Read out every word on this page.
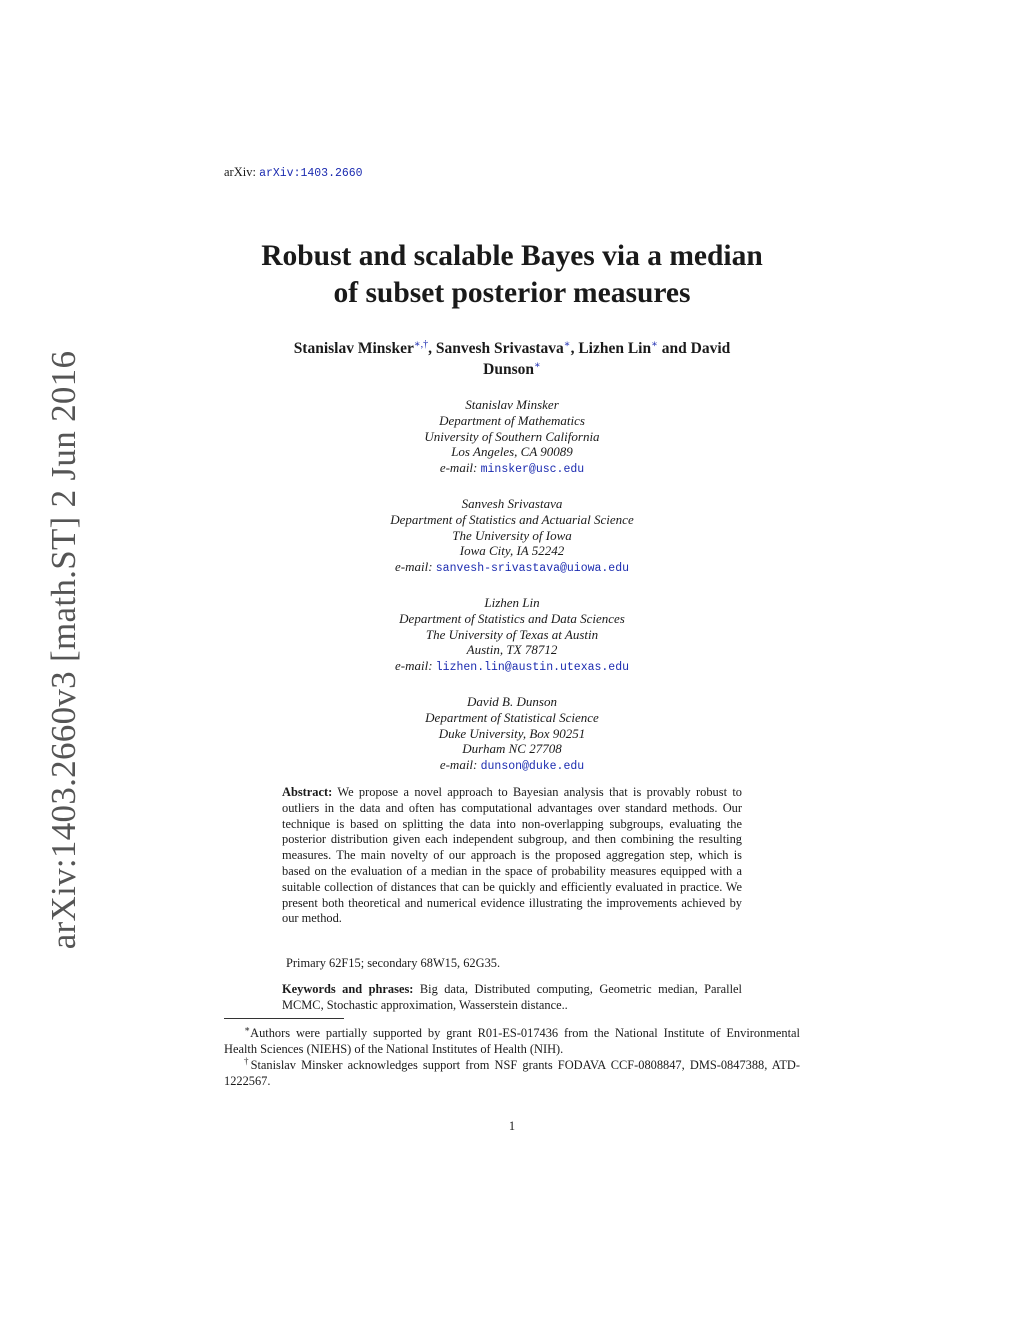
arXiv: arXiv:1403.2660
arXiv:1403.2660v3 [math.ST] 2 Jun 2016
Robust and scalable Bayes via a median
of subset posterior measures
Stanislav Minsker∗,†, Sanvesh Srivastava∗, Lizhen Lin∗ and David
Dunson∗
Stanislav Minsker
Department of Mathematics
University of Southern California
Los Angeles, CA 90089
e-mail: minsker@usc.edu
Sanvesh Srivastava
Department of Statistics and Actuarial Science
The University of Iowa
Iowa City, IA 52242
e-mail: sanvesh-srivastava@uiowa.edu
Lizhen Lin
Department of Statistics and Data Sciences
The University of Texas at Austin
Austin, TX 78712
e-mail: lizhen.lin@austin.utexas.edu
David B. Dunson
Department of Statistical Science
Duke University, Box 90251
Durham NC 27708
e-mail: dunson@duke.edu
Abstract: We propose a novel approach to Bayesian analysis that is provably robust to outliers in the data and often has computational advantages over standard methods. Our technique is based on splitting the data into non-overlapping subgroups, evaluating the posterior distribution given each independent subgroup, and then combining the resulting measures. The main novelty of our approach is the proposed aggregation step, which is based on the evaluation of a median in the space of probability measures equipped with a suitable collection of distances that can be quickly and efficiently evaluated in practice. We present both theoretical and numerical evidence illustrating the improvements achieved by our method.
Primary 62F15; secondary 68W15, 62G35.
Keywords and phrases: Big data, Distributed computing, Geometric median, Parallel MCMC, Stochastic approximation, Wasserstein distance..
∗Authors were partially supported by grant R01-ES-017436 from the National Institute of Environmental Health Sciences (NIEHS) of the National Institutes of Health (NIH).
†Stanislav Minsker acknowledges support from NSF grants FODAVA CCF-0808847, DMS-0847388, ATD-1222567.
1
